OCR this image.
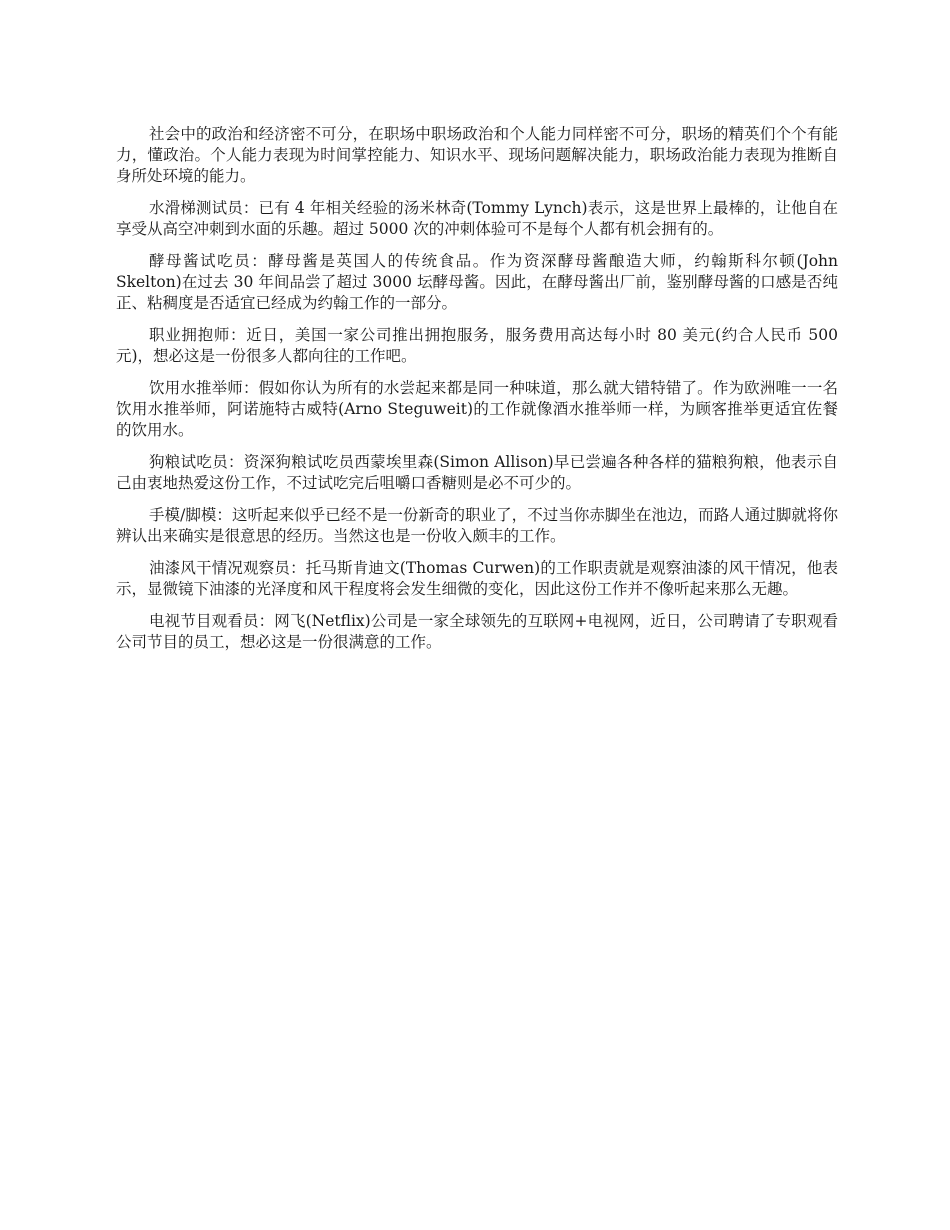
社会中的政治和经济密不可分，在职场中职场政治和个人能力同样密不可分，职场的精英们个个有能力，懂政治。个人能力表现为时间掌控能力、知识水平、现场问题解决能力，职场政治能力表现为推断自身所处环境的能力。

水滑梯测试员：已有 4 年相关经验的汤米林奇(Tommy Lynch)表示，这是世界上最棒的，让他自在享受从高空冲刺到水面的乐趣。超过 5000 次的冲刺体验可不是每个人都有机会拥有的。

酵母酱试吃员：酵母酱是英国人的传统食品。作为资深酵母酱酿造大师，约翰斯科尔顿(John Skelton)在过去 30 年间品尝了超过 3000 坛酵母酱。因此，在酵母酱出厂前，鉴别酵母酱的口感是否纯正、粘稠度是否适宜已经成为约翰工作的一部分。

职业拥抱师：近日，美国一家公司推出拥抱服务，服务费用高达每小时 80 美元(约合人民币 500 元)，想必这是一份很多人都向往的工作吧。

饮用水推举师：假如你认为所有的水尝起来都是同一种味道，那么就大错特错了。作为欧洲唯一一名饮用水推举师，阿诺施特古威特(Arno Steguweit)的工作就像酒水推举师一样，为顾客推举更适宜佐餐的饮用水。

狗粮试吃员：资深狗粮试吃员西蒙埃里森(Simon Allison)早已尝遍各种各样的猫粮狗粮，他表示自己由衷地热爱这份工作，不过试吃完后咀嚼口香糖则是必不可少的。

手模/脚模：这听起来似乎已经不是一份新奇的职业了，不过当你赤脚坐在池边，而路人通过脚就将你辨认出来确实是很意思的经历。当然这也是一份收入颇丰的工作。

油漆风干情况观察员：托马斯肯迪文(Thomas Curwen)的工作职责就是观察油漆的风干情况，他表示，显微镜下油漆的光泽度和风干程度将会发生细微的变化，因此这份工作并不像听起来那么无趣。

电视节目观看员：网飞(Netflix)公司是一家全球领先的互联网+电视网，近日，公司聘请了专职观看公司节目的员工，想必这是一份很满意的工作。
